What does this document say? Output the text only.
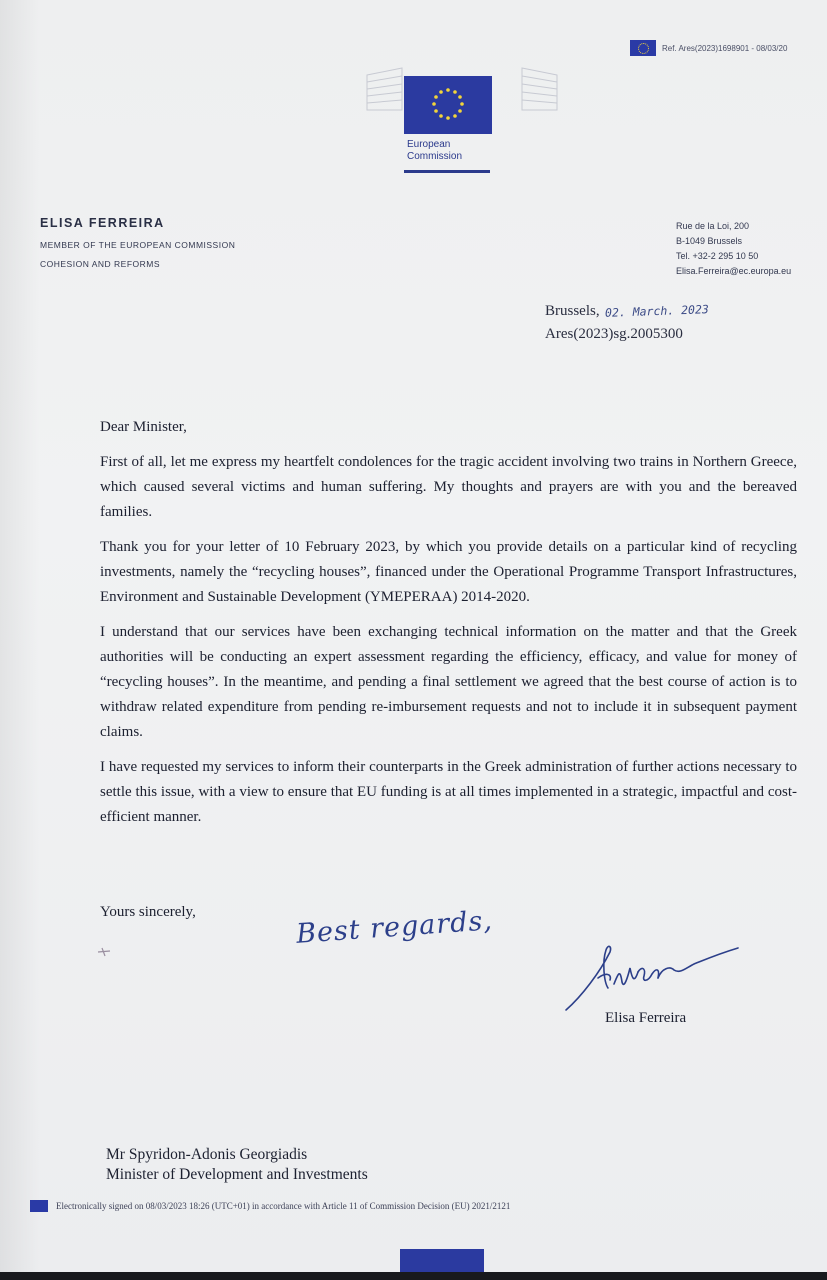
Ref. Ares(2023)1698901 - 08/03/20
European
Commission
ELISA FERREIRA
MEMBER OF THE EUROPEAN COMMISSION
COHESION AND REFORMS
Rue de la Loi, 200
B-1049 Brussels
Tel. +32-2 295 10 50
Elisa.Ferreira@ec.europa.eu
Brussels, 02. March. 2023
Ares(2023)sg.2005300

Dear Minister,

First of all, let me express my heartfelt condolences for the tragic accident involving two trains in Northern Greece, which caused several victims and human suffering. My thoughts and prayers are with you and the bereaved families.

Thank you for your letter of 10 February 2023, by which you provide details on a particular kind of recycling investments, namely the “recycling houses”, financed under the Operational Programme Transport Infrastructures, Environment and Sustainable Development (YMEPERAA) 2014-2020.

I understand that our services have been exchanging technical information on the matter and that the Greek authorities will be conducting an expert assessment regarding the efficiency, efficacy, and value for money of “recycling houses”. In the meantime, and pending a final settlement we agreed that the best course of action is to withdraw related expenditure from pending re-imbursement requests and not to include it in subsequent payment claims.

I have requested my services to inform their counterparts in the Greek administration of further actions necessary to settle this issue, with a view to ensure that EU funding is at all times implemented in a strategic, impactful and cost-efficient manner.

Yours sincerely,	Best regards,
Elisa Ferreira
Mr Spyridon-Adonis Georgiadis
Minister of Development and Investments
Electronically signed on 08/03/2023 18:26 (UTC+01) in accordance with Article 11 of Commission Decision (EU) 2021/2121
